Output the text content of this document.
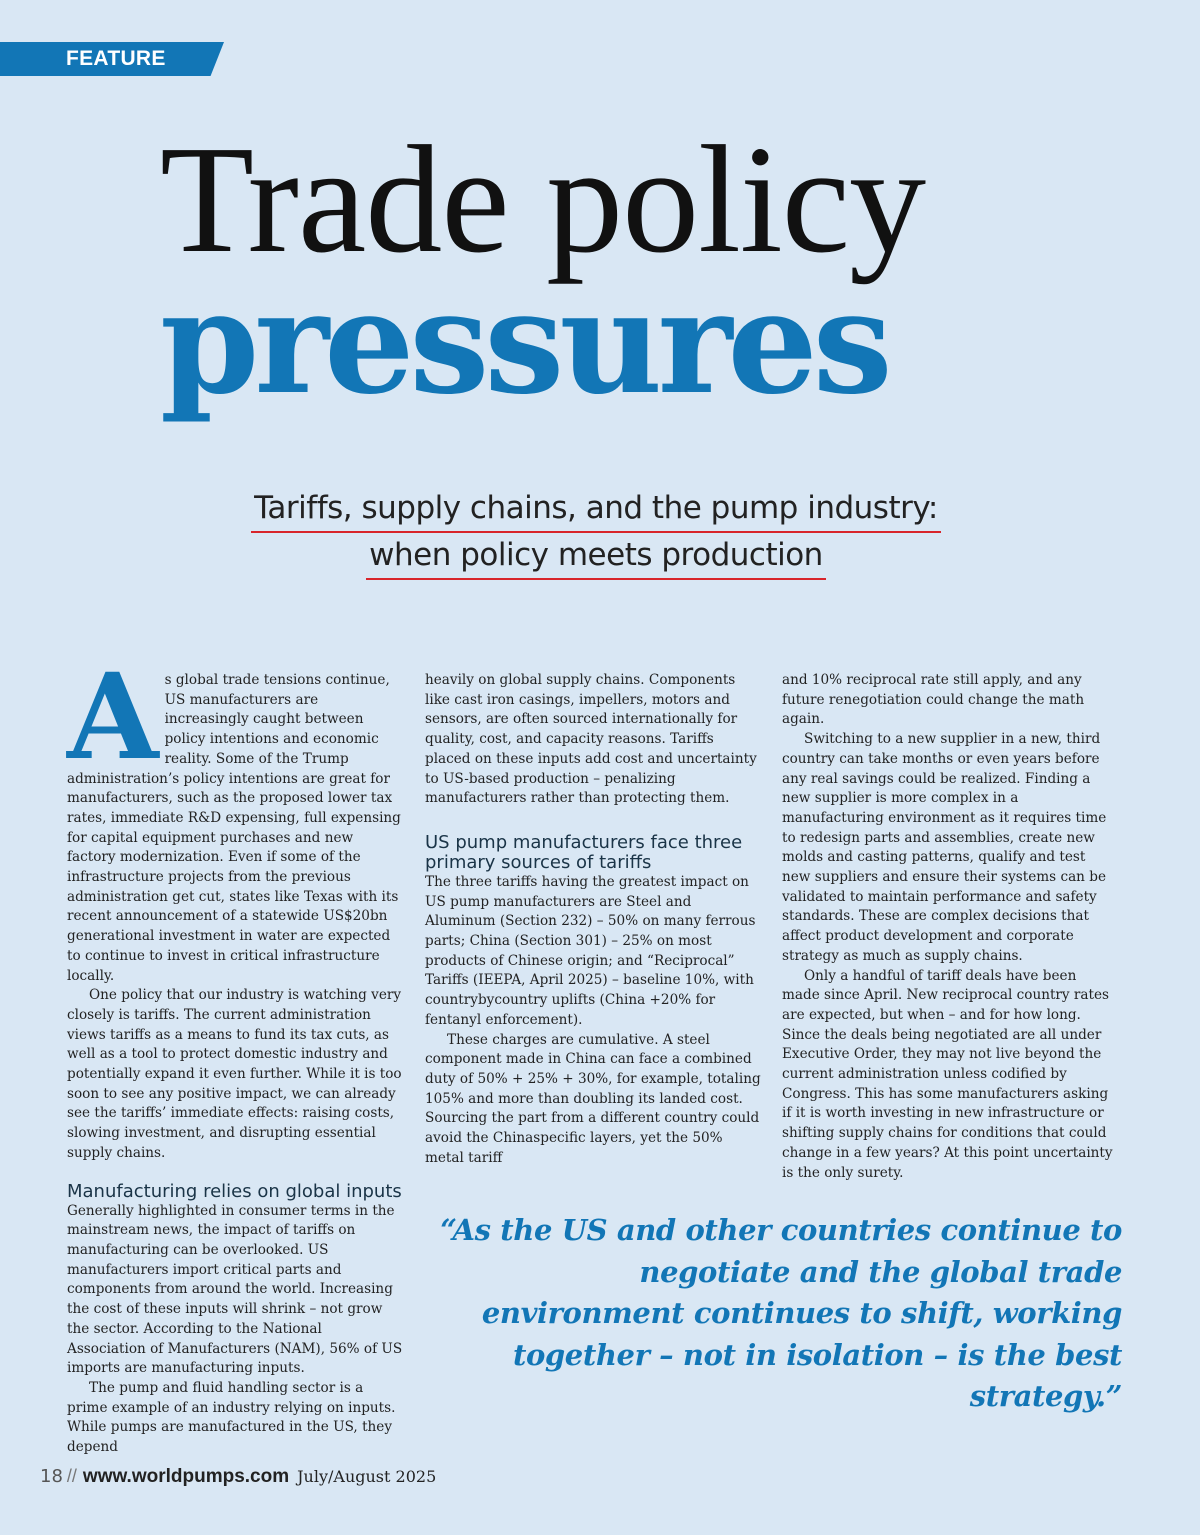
FEATURE
Trade policy
pressures
Tariffs, supply chains, and the pump industry:
when policy meets production

As global trade tensions continue, US manufacturers are increasingly caught between policy intentions and economic reality. Some of the Trump administration’s policy intentions are great for manufacturers, such as the proposed lower tax rates, immediate R&D expensing, full expensing for capital equipment purchases and new factory modernization. Even if some of the infrastructure projects from the previous administration get cut, states like Texas with its recent announcement of a statewide US$20bn generational investment in water are expected to continue to invest in critical infrastructure locally.

One policy that our industry is watching very closely is tariffs. The current administration views tariffs as a means to fund its tax cuts, as well as a tool to protect domestic industry and potentially expand it even further. While it is too soon to see any positive impact, we can already see the tariffs’ immediate effects: raising costs, slowing investment, and disrupting essential supply chains.

Manufacturing relies on global inputs

Generally highlighted in consumer terms in the mainstream news, the impact of tariffs on manufacturing can be overlooked. US manufacturers import critical parts and components from around the world. Increasing the cost of these inputs will shrink – not grow the sector. According to the National Association of Manufacturers (NAM), 56% of US imports are manufacturing inputs.

The pump and fluid handling sector is a prime example of an industry relying on inputs. While pumps are manufactured in the US, they depend

heavily on global supply chains. Components like cast iron casings, impellers, motors and sensors, are often sourced internationally for quality, cost, and capacity reasons. Tariffs placed on these inputs add cost and uncertainty to US-based production – penalizing manufacturers rather than protecting them.

US pump manufacturers face three primary sources of tariffs

The three tariffs having the greatest impact on US pump manufacturers are Steel and Aluminum (Section 232) – 50% on many ferrous parts; China (Section 301) – 25% on most products of Chinese origin; and “Reciprocal” Tariffs (IEEPA, April 2025) – baseline 10%, with countrybycountry uplifts (China +20% for fentanyl enforcement).

These charges are cumulative. A steel component made in China can face a combined duty of 50% + 25% + 30%, for example, totaling 105% and more than doubling its landed cost. Sourcing the part from a different country could avoid the Chinaspecific layers, yet the 50% metal tariff

and 10% reciprocal rate still apply, and any future renegotiation could change the math again.

Switching to a new supplier in a new, third country can take months or even years before any real savings could be realized. Finding a new supplier is more complex in a manufacturing environment as it requires time to redesign parts and assemblies, create new molds and casting patterns, qualify and test new suppliers and ensure their systems can be validated to maintain performance and safety standards. These are complex decisions that affect product development and corporate strategy as much as supply chains.

Only a handful of tariff deals have been made since April. New reciprocal country rates are expected, but when – and for how long. Since the deals being negotiated are all under Executive Order, they may not live beyond the current administration unless codified by Congress. This has some manufacturers asking if it is worth investing in new infrastructure or shifting supply chains for conditions that could change in a few years? At this point uncertainty is the only surety.

“As the US and other countries continue to negotiate and the global trade environment continues to shift, working together – not in isolation – is the best strategy.”
18 // www.worldpumps.com July/August 2025
